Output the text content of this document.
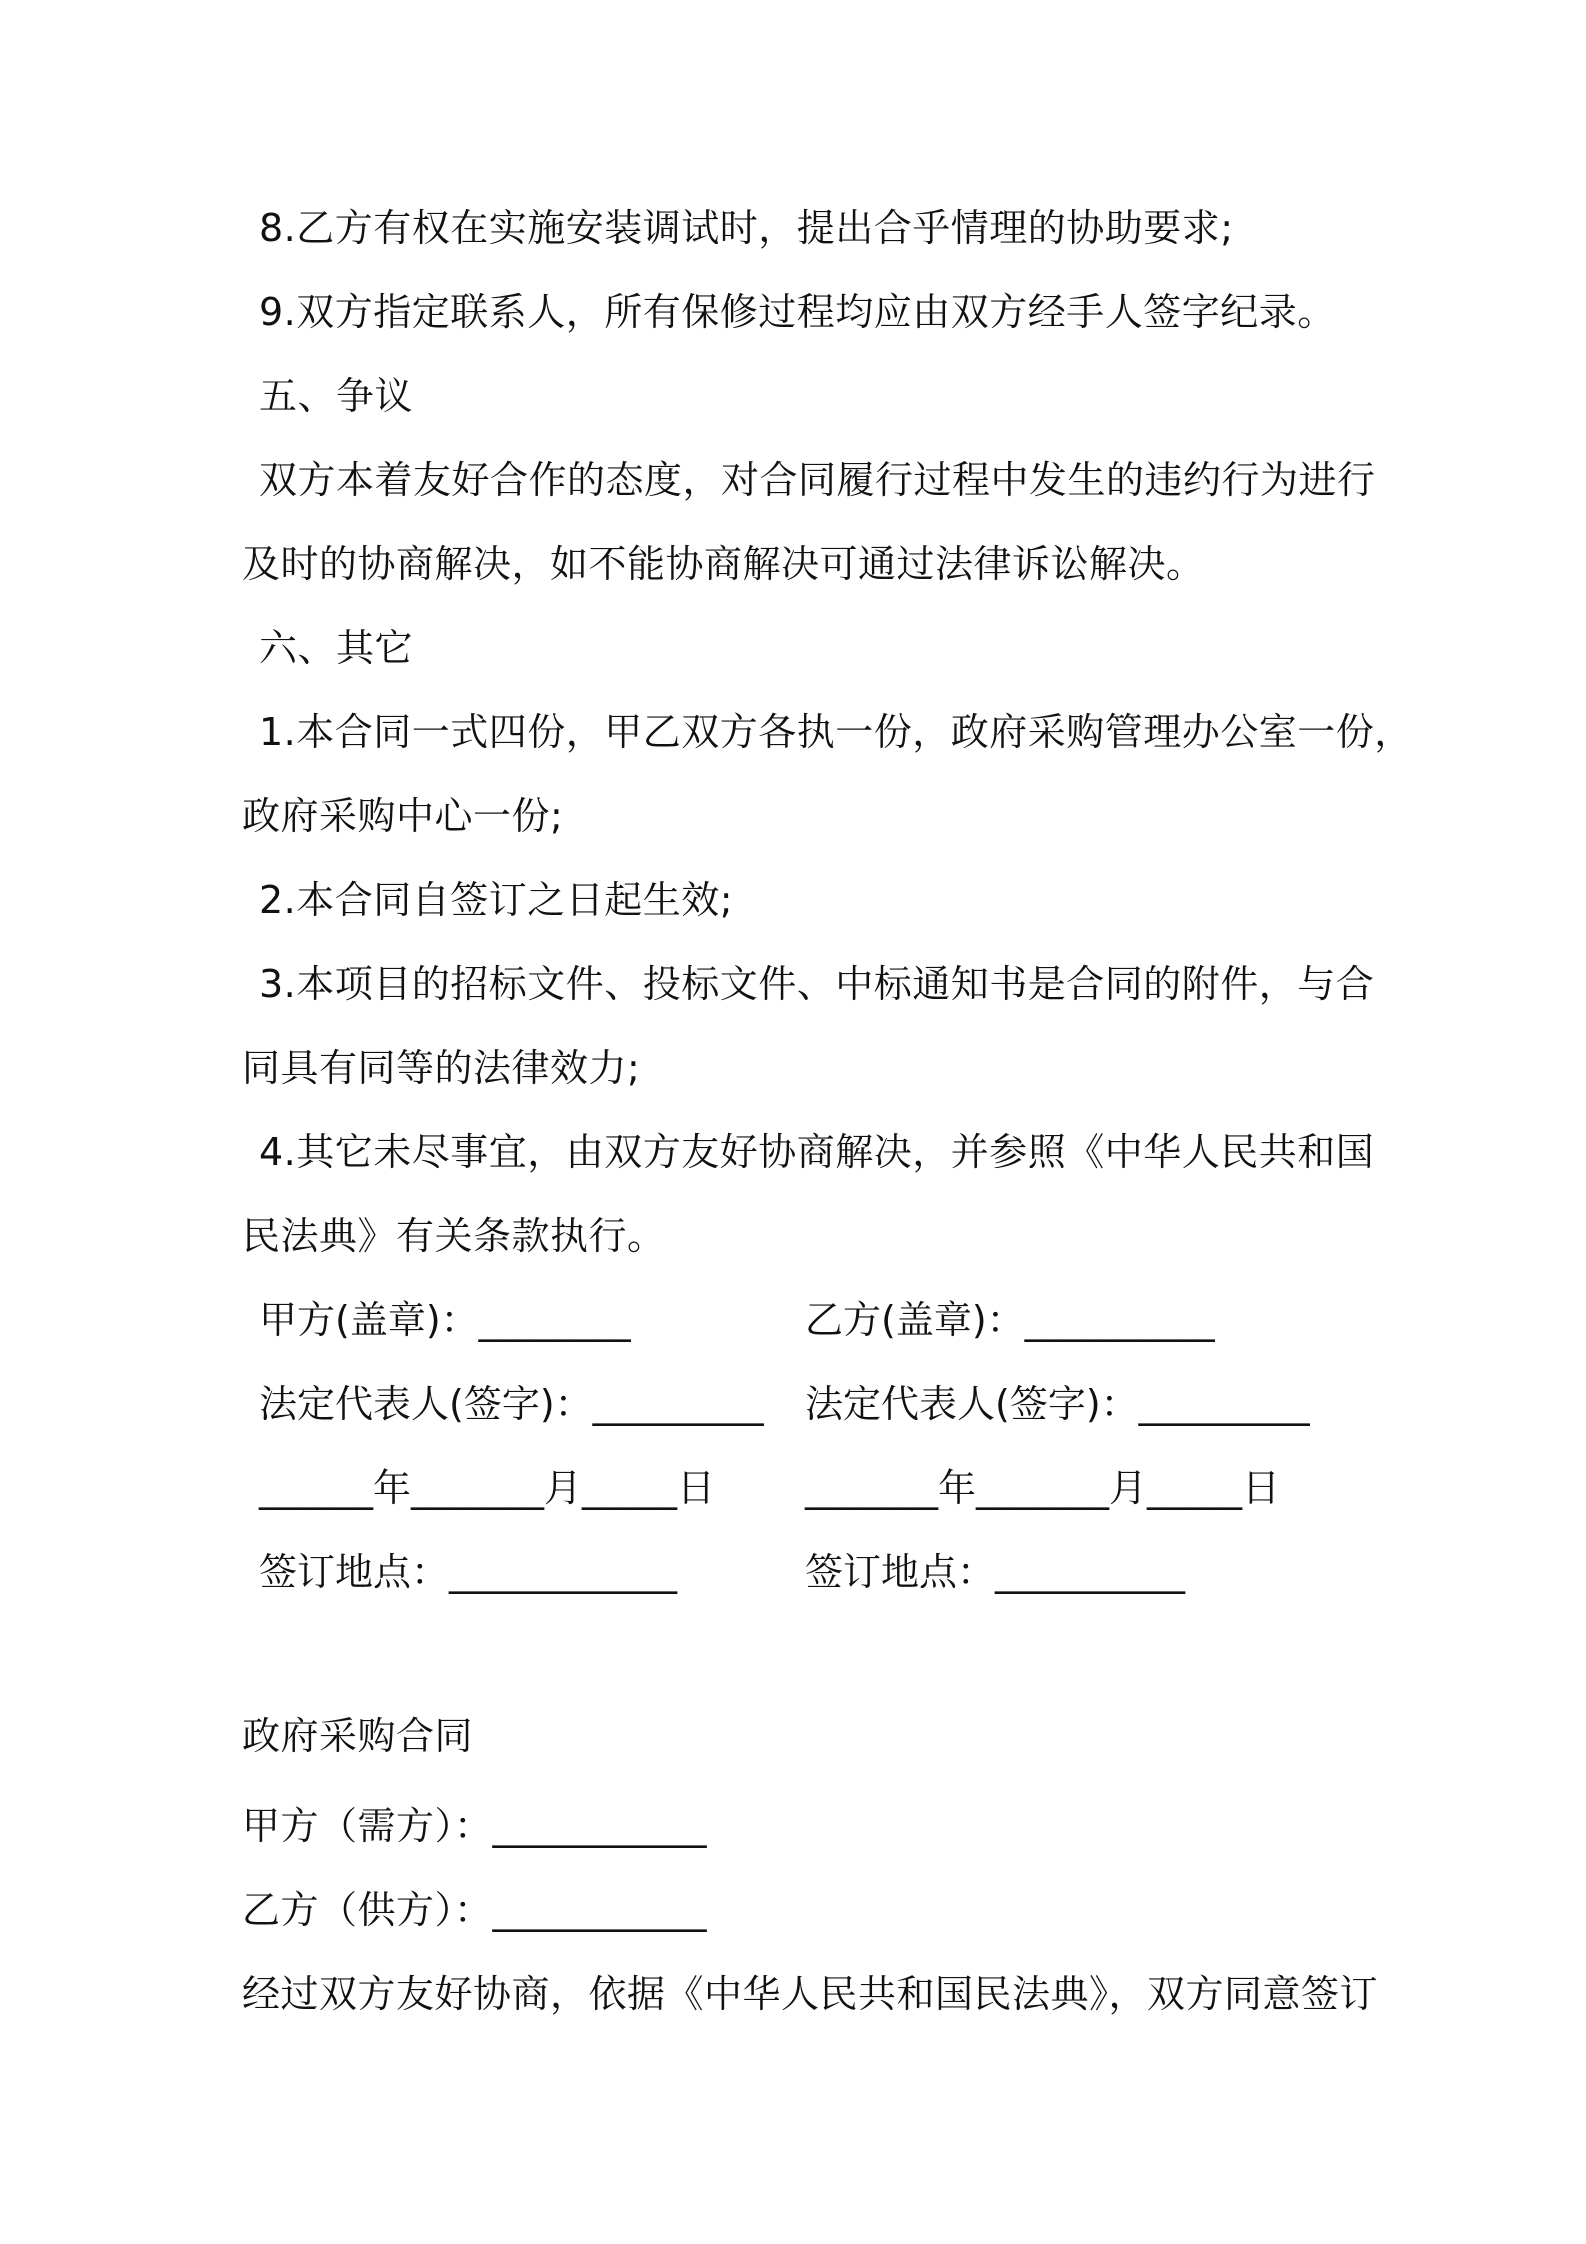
8.乙方有权在实施安装调试时，提出合乎情理的协助要求;
9.双方指定联系人，所有保修过程均应由双方经手人签字纪录。
五、争议
双方本着友好合作的态度，对合同履行过程中发生的违约行为进行
及时的协商解决，如不能协商解决可通过法律诉讼解决。
六、其它
1.本合同一式四份，甲乙双方各执一份，政府采购管理办公室一份，
政府采购中心一份;
2.本合同自签订之日起生效;
3.本项目的招标文件、投标文件、中标通知书是合同的附件，与合
同具有同等的法律效力;
4.其它未尽事宜，由双方友好协商解决，并参照《中华人民共和国
民法典》有关条款执行。
甲方(盖章)：________	乙方(盖章)：__________
法定代表人(签字)：_________ 法定代表人(签字)：_________
______年_______月_____日 _______年_______月_____日
签订地点：____________	签订地点：__________
政府采购合同
甲方（需方）：___________
乙方（供方）：___________
经过双方友好协商，依据《中华人民共和国民法典》，双方同意签订
